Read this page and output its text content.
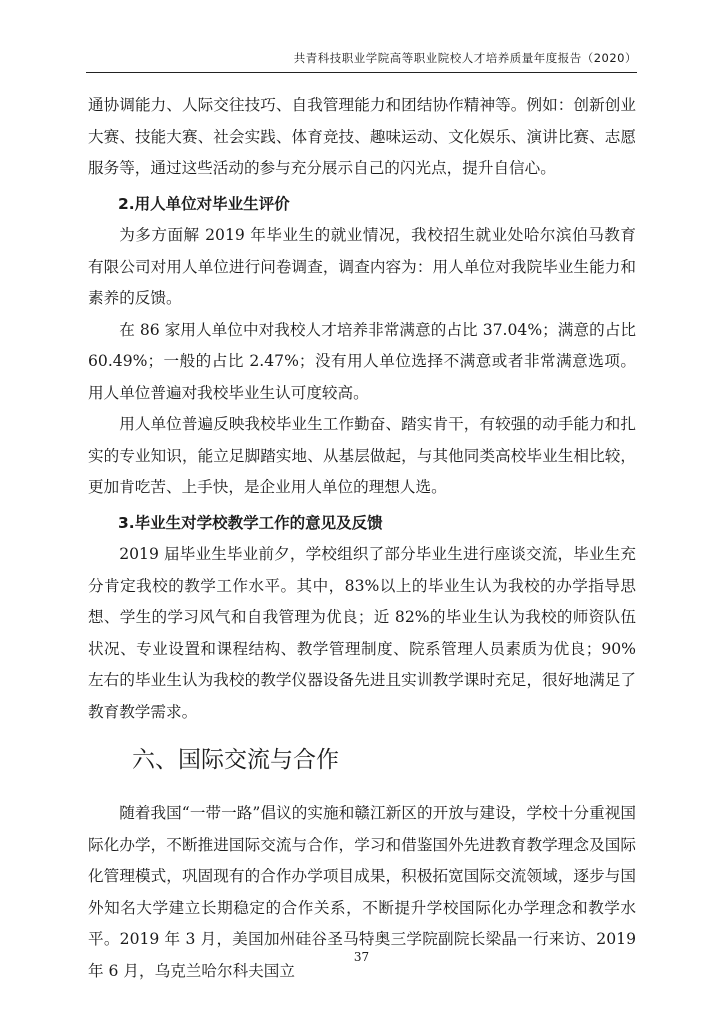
共青科技职业学院高等职业院校人才培养质量年度报告（2020）

通协调能力、人际交往技巧、自我管理能力和团结协作精神等。例如：创新创业大赛、技能大赛、社会实践、体育竞技、趣味运动、文化娱乐、演讲比赛、志愿服务等，通过这些活动的参与充分展示自己的闪光点，提升自信心。

2.用人单位对毕业生评价

为多方面解 2019 年毕业生的就业情况，我校招生就业处哈尔滨伯马教育有限公司对用人单位进行问卷调查，调查内容为：用人单位对我院毕业生能力和素养的反馈。

在 86 家用人单位中对我校人才培养非常满意的占比 37.04%；满意的占比 60.49%；一般的占比 2.47%；没有用人单位选择不满意或者非常满意选项。用人单位普遍对我校毕业生认可度较高。

用人单位普遍反映我校毕业生工作勤奋、踏实肯干，有较强的动手能力和扎实的专业知识，能立足脚踏实地、从基层做起，与其他同类高校毕业生相比较，更加肯吃苦、上手快，是企业用人单位的理想人选。

3.毕业生对学校教学工作的意见及反馈

2019 届毕业生毕业前夕，学校组织了部分毕业生进行座谈交流，毕业生充分肯定我校的教学工作水平。其中，83%以上的毕业生认为我校的办学指导思想、学生的学习风气和自我管理为优良；近 82%的毕业生认为我校的师资队伍状况、专业设置和课程结构、教学管理制度、院系管理人员素质为优良；90%左右的毕业生认为我校的教学仪器设备先进且实训教学课时充足，很好地满足了教育教学需求。

六、国际交流与合作

随着我国“一带一路”倡议的实施和赣江新区的开放与建设，学校十分重视国际化办学，不断推进国际交流与合作，学习和借鉴国外先进教育教学理念及国际化管理模式，巩固现有的合作办学项目成果，积极拓宽国际交流领域，逐步与国外知名大学建立长期稳定的合作关系，不断提升学校国际化办学理念和教学水平。2019 年 3 月，美国加州硅谷圣马特奥三学院副院长梁晶一行来访、2019 年 6 月，乌克兰哈尔科夫国立

37
